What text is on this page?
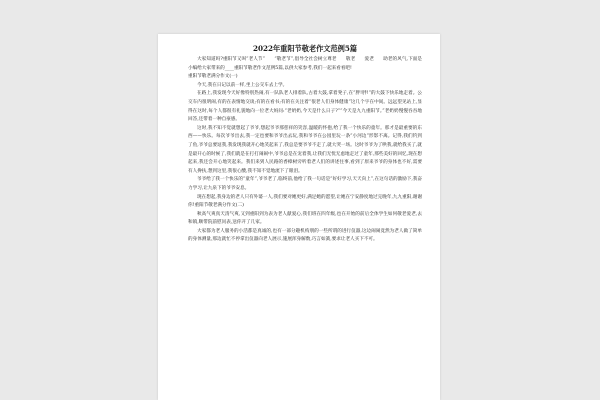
2022年重阳节敬老作文范例5篇

大家知道吗?重阳节又叫“老人节”　　“敬老节”,倡导全社会树立尊老　　敬老　　爱老　　助老的风气,下面是小编给大家带来的____重阳节敬老作文范例5篇,以供大家参考,我们一起来看看吧!

重阳节敬老满分作文(一)

今天,我在日记以前一样,坐上公交车去上学。

在路上,我发现今天好像特别热闹,有一队队老人排着队,古着大鼓,拿着凳子,在“胖!胖!”的大鼓下快乐地走着。公交车内很明闹,有的在表情地交谈;有的在看书;有的在关注着“很老人们身体健康”这几个字在中间。远远望见站上,显得在这时,每个人都很有礼貌地向一位老大妈问:“老奶奶,今天是什么日子?”“今天是九九重阳节。”老奶奶慢慢吞吞地回答,还带着一种自豪感。

这时,我不知不觉就想起了爷爷,想起爷爷那慈祥的笑容,温暖的怀抱,给了我一个快乐的童年。那才是最重要的东西——快乐。每次爷爷出去,我一定也要和爷爷出去玩,我和爷爷在公园里玩一条“小河边”形影不离。记得,我们钓到了鱼,爷爷总要逗我,我发现我就开心地笑起来了,我总是要爷爷不走了,就大哭一场。这时爷爷为了哄我,就给我买了,就是最开心的时候了,我们就是在打打闹闹中,爷爷总是在宠着我,让我们无忧无虑地走过了童年,那些美好的回忆,现在想起来,我还会开心地笑起来。我们来到人民路的香樟树旁听着老人们的讲述往事,看到了原来爷爷的身体也不好,需要有人搀扶,想到这里,我很心酸,我不知不觉地流下了眼泪。

爷爷给了我一个快乐的“童年”,爷爷老了,临终前,他给了我一句话是“好好学习,天天向上”,在这句话的激励下,我奋力学习,让九泉下的爷爷安息。

现在想起,我身边的老人只有外婆一人,我们要对她更好,满足她的愿望,让她在宁安静度地过完晚年,九九重阳,谢谢你!重阳节敬老满分作文(二)

秋高气爽真天清气爽,又到重阳到为表为老人献爱心,我们班在四年级,也在开始的前后全体学生如何敬老爱老,去和镇,顺带院前慰问表,送你开了几家。

大家都为老人服务的小活都是真诚的,也有一部分趣机构朋的一些所谓的进行仪器,这边闹闹竟然为老人做了简单的身体测量,那边就忙不停拿出仪器向老人展示,施展浑身解数,巧言如簧,要求让老人买下不可。
